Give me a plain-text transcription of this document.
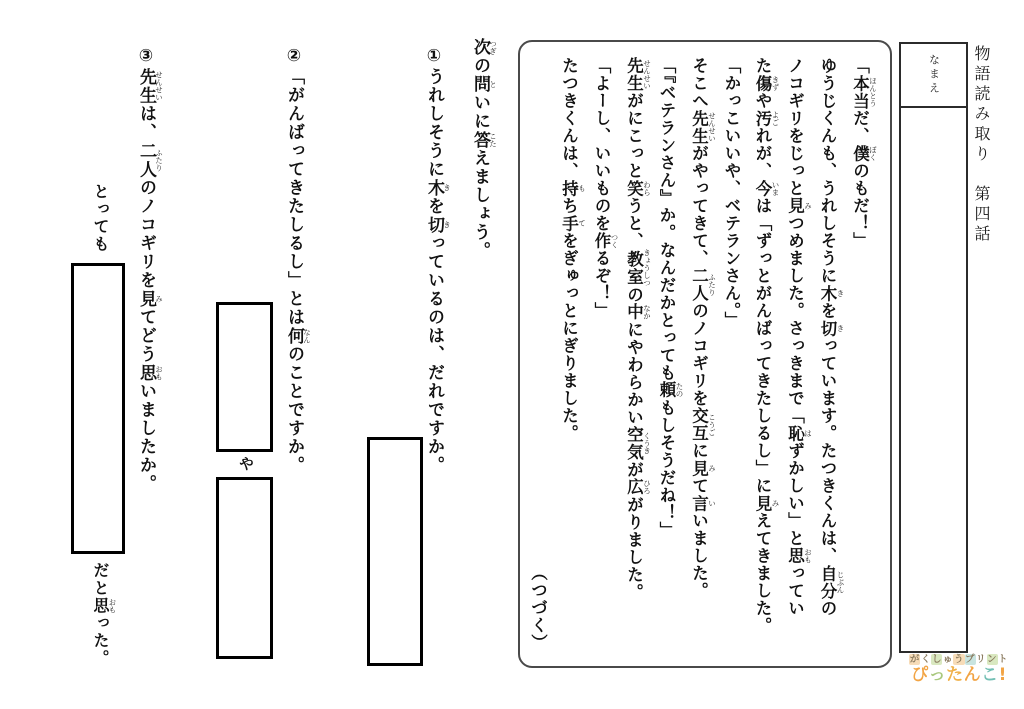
物語読み取り　第四話
なまえ

「本当 ほんとうだ、僕 ぼくのもだ！」

ゆうじくんも、うれしそうに木 きを切 きっています。たつきくんは、自分 じぶんの

ノコギリをじっと見 みつめました。さっきまで「恥 はずかしい」と思 おもってい

た傷 きずや汚 よごれが、今 いまは「ずっとがんばってきたしるし」に見 みえてきました。

「かっこいいや、ベテランさん。」

そこへ先生 せんせいがやってきて、二人 ふたりのノコギリを交互 こうごに見 みて言 いいました。

「『ベテランさん』か。なんだかとっても頼 たのもしそうだね！」

先生 せんせいがにこっと笑 わらうと、教室 きょうしつの中 なかにやわらかい空気 くうきが広 ひろがりました。

「よーし、いいものを作 つくるぞ！」

たつきくんは、持 もち手 てをぎゅっとにぎりました。

（つづく）

次つぎの問といに答こたえましょう。
①うれしそうに木きを切きっているのは、だれですか。
②「がんばってきたしるし」とは何なんのことですか。
や
③先生せんせいは、二人ふたりのノコギリを見みてどう思おもいましたか。
とっても
だと思おもった。	がくしゅうプリント
ぴったんこ!
